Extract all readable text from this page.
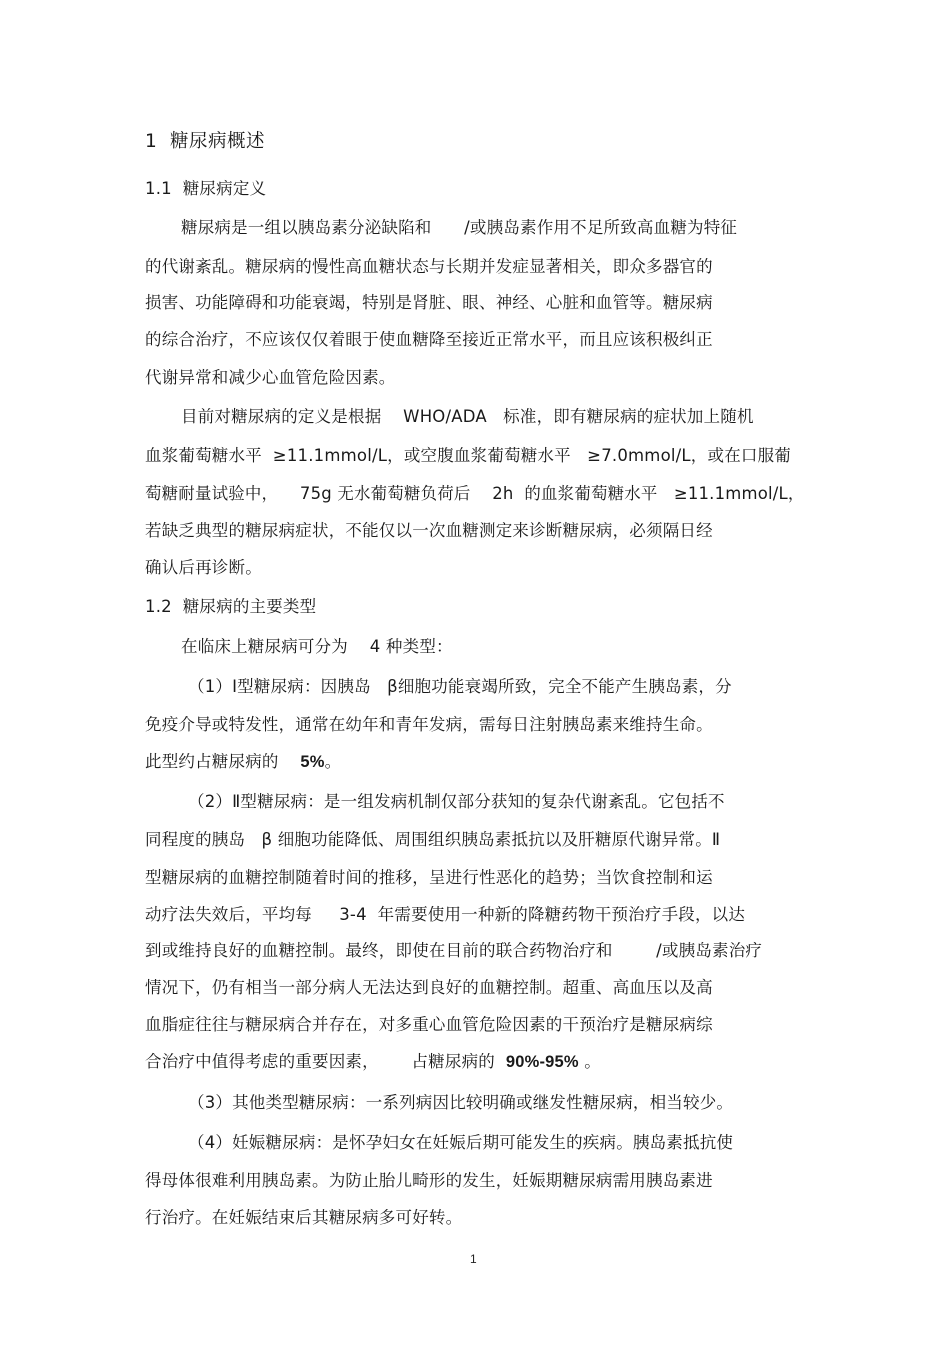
1  糖尿病概述
1.1  糖尿病定义
糖尿病是一组以胰岛素分泌缺陷和      /或胰岛素作用不足所致高血糖为特征
的代谢紊乱。糖尿病的慢性高血糖状态与长期并发症显著相关，即众多器官的
损害、功能障碍和功能衰竭，特别是肾脏、眼、神经、心脏和血管等。糖尿病
的综合治疗，不应该仅仅着眼于使血糖降至接近正常水平，而且应该积极纠正
代谢异常和减少心血管危险因素。
目前对糖尿病的定义是根据    WHO/ADA   标准，即有糖尿病的症状加上随机
血浆葡萄糖水平  ≥11.1mmol/L，或空腹血浆葡萄糖水平   ≥7.0mmol/L，或在口服葡
萄糖耐量试验中，    75g 无水葡萄糖负荷后    2h  的血浆葡萄糖水平   ≥11.1mmol/L，
若缺乏典型的糖尿病症状，不能仅以一次血糖测定来诊断糖尿病，必须隔日经
确认后再诊断。
1.2  糖尿病的主要类型
在临床上糖尿病可分为    4 种类型：
（1）Ⅰ型糖尿病：因胰岛   β细胞功能衰竭所致，完全不能产生胰岛素，分
免疫介导或特发性，通常在幼年和青年发病，需每日注射胰岛素来维持生命。
此型约占糖尿病的    5%。
（2）Ⅱ型糖尿病：是一组发病机制仅部分获知的复杂代谢紊乱。它包括不
同程度的胰岛   β 细胞功能降低、周围组织胰岛素抵抗以及肝糖原代谢异常。Ⅱ
型糖尿病的血糖控制随着时间的推移，呈进行性恶化的趋势；当饮食控制和运
动疗法失效后，平均每     3-4  年需要使用一种新的降糖药物干预治疗手段，以达
到或维持良好的血糖控制。最终，即使在目前的联合药物治疗和        /或胰岛素治疗
情况下，仍有相当一部分病人无法达到良好的血糖控制。超重、高血压以及高
血脂症往往与糖尿病合并存在，对多重心血管危险因素的干预治疗是糖尿病综
合治疗中值得考虑的重要因素，      占糖尿病的  90%-95% 。
（3）其他类型糖尿病：一系列病因比较明确或继发性糖尿病，相当较少。
（4）妊娠糖尿病：是怀孕妇女在妊娠后期可能发生的疾病。胰岛素抵抗使
得母体很难利用胰岛素。为防止胎儿畸形的发生，妊娠期糖尿病需用胰岛素进
行治疗。在妊娠结束后其糖尿病多可好转。
1
